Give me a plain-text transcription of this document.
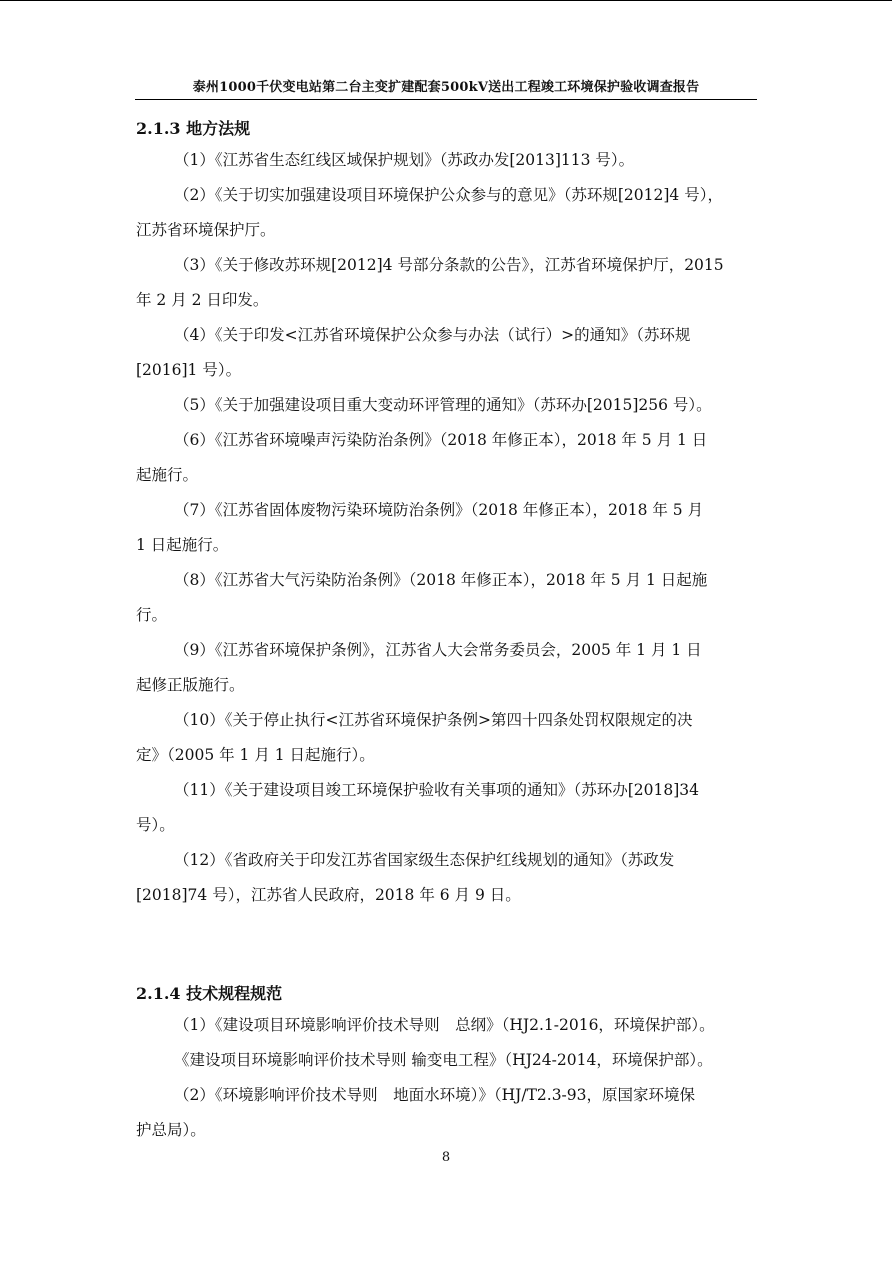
泰州1000千伏变电站第二台主变扩建配套500kV送出工程竣工环境保护验收调查报告
2.1.3 地方法规
（1）《江苏省生态红线区域保护规划》（苏政办发[2013]113 号）。
（2）《关于切实加强建设项目环境保护公众参与的意见》（苏环规[2012]4 号），
江苏省环境保护厅。
（3）《关于修改苏环规[2012]4 号部分条款的公告》，江苏省环境保护厅，2015
年 2 月 2 日印发。
（4）《关于印发<江苏省环境保护公众参与办法（试行）>的通知》（苏环规
[2016]1 号）。
（5）《关于加强建设项目重大变动环评管理的通知》（苏环办[2015]256 号）。
（6）《江苏省环境噪声污染防治条例》（2018 年修正本），2018 年 5 月 1 日
起施行。
（7）《江苏省固体废物污染环境防治条例》（2018 年修正本），2018 年 5 月
1 日起施行。
（8）《江苏省大气污染防治条例》（2018 年修正本），2018 年 5 月 1 日起施
行。
（9）《江苏省环境保护条例》，江苏省人大会常务委员会，2005 年 1 月 1 日
起修正版施行。
（10）《关于停止执行<江苏省环境保护条例>第四十四条处罚权限规定的决
定》（2005 年 1 月 1 日起施行）。
（11）《关于建设项目竣工环境保护验收有关事项的通知》（苏环办[2018]34
号）。
（12）《省政府关于印发江苏省国家级生态保护红线规划的通知》（苏政发
[2018]74 号），江苏省人民政府，2018 年 6 月 9 日。
2.1.4 技术规程规范
（1）《建设项目环境影响评价技术导则　总纲》（HJ2.1-2016，环境保护部）。
《建设项目环境影响评价技术导则 输变电工程》（HJ24-2014，环境保护部）。
（2）《环境影响评价技术导则　地面水环境）》（HJ/T2.3-93，原国家环境保
护总局）。
8
